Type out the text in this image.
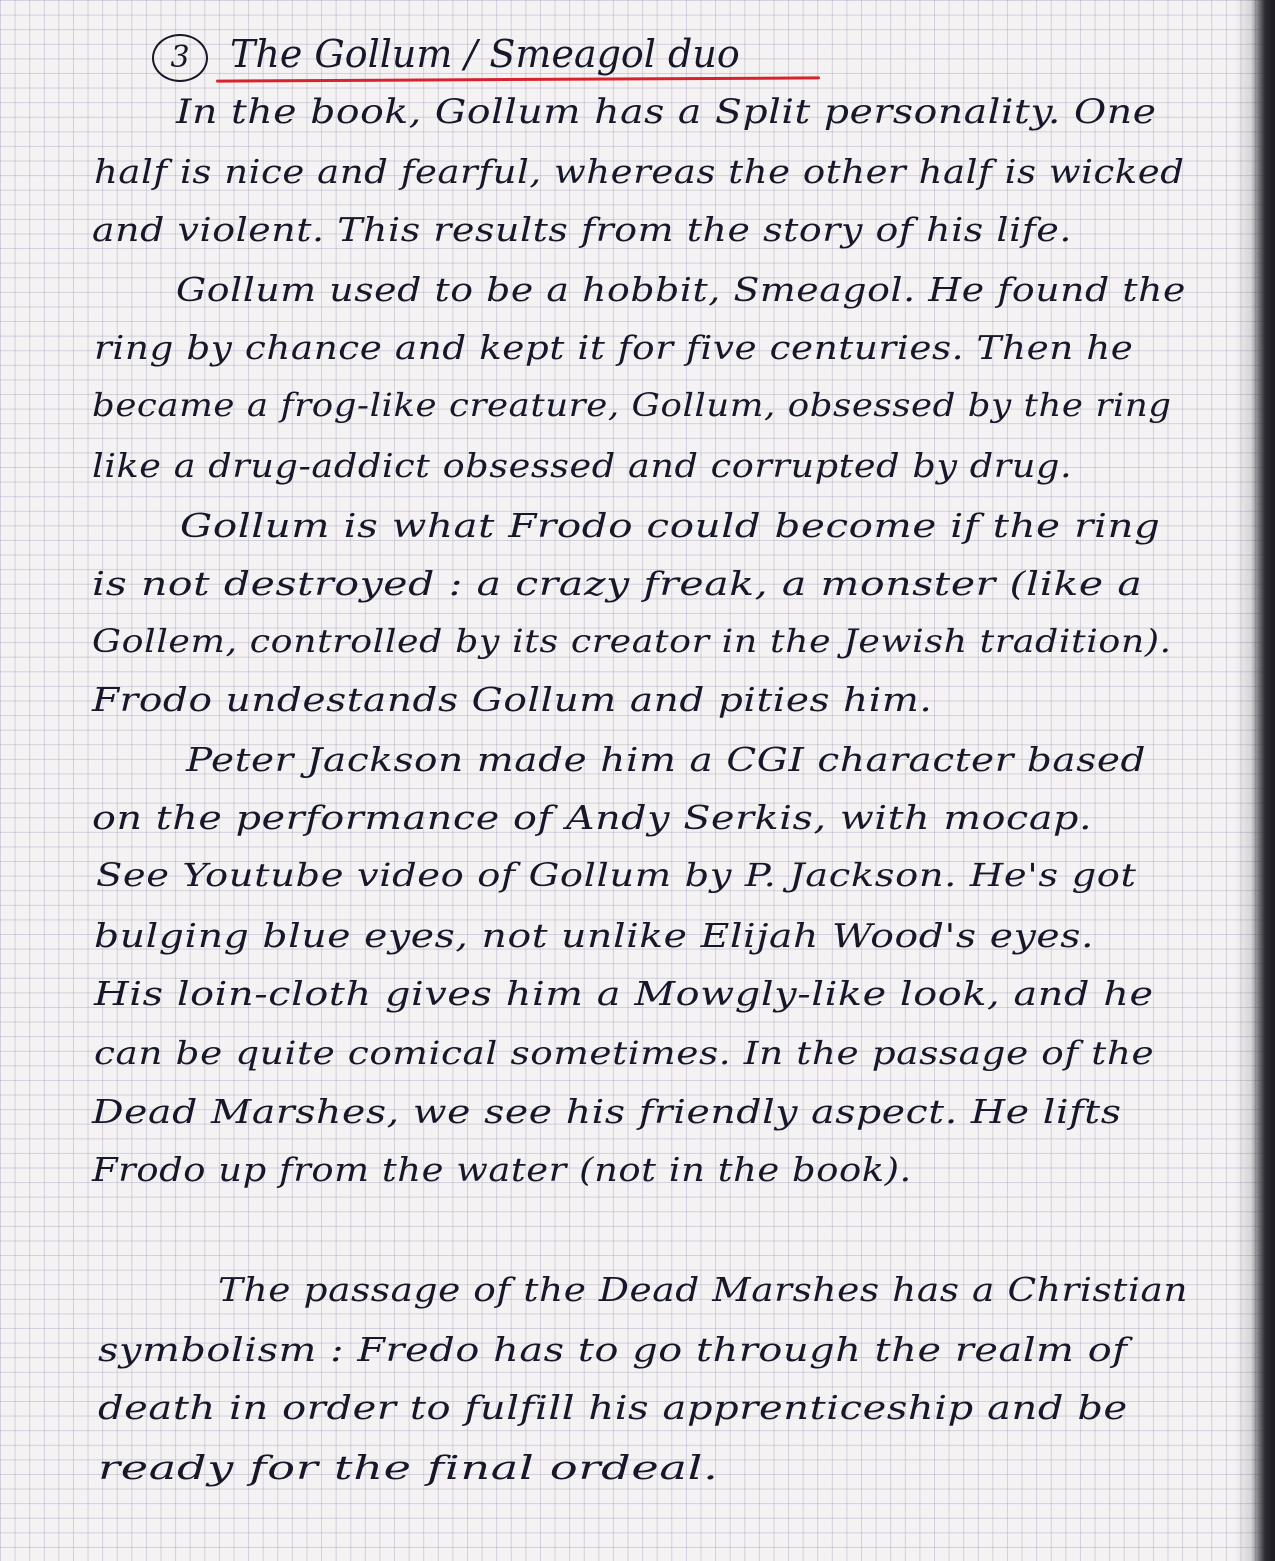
3	The Gollum / Smeagol duo
In the book, Gollum has a Split personality. One
half is nice and fearful, whereas the other half is wicked
and violent. This results from the story of his life.
Gollum used to be a hobbit, Smeagol. He found the
ring by chance and kept it for five centuries. Then he
became a frog-like creature, Gollum, obsessed by the ring
like a drug-addict obsessed and corrupted by drug.
Gollum is what Frodo could become if the ring
is not destroyed : a crazy freak, a monster (like a
Gollem, controlled by its creator in the Jewish tradition).
Frodo undestands Gollum and pities him.
Peter Jackson made him a CGI character based
on the performance of Andy Serkis, with mocap.
See Youtube video of Gollum by P. Jackson. He's got
bulging blue eyes, not unlike Elijah Wood's eyes.
His loin-cloth gives him a Mowgly-like look, and he
can be quite comical sometimes. In the passage of the
Dead Marshes, we see his friendly aspect. He lifts
Frodo up from the water (not in the book).
The passage of the Dead Marshes has a Christian
symbolism : Fredo has to go through the realm of
death in order to fulfill his apprenticeship and be
ready for the final ordeal.
